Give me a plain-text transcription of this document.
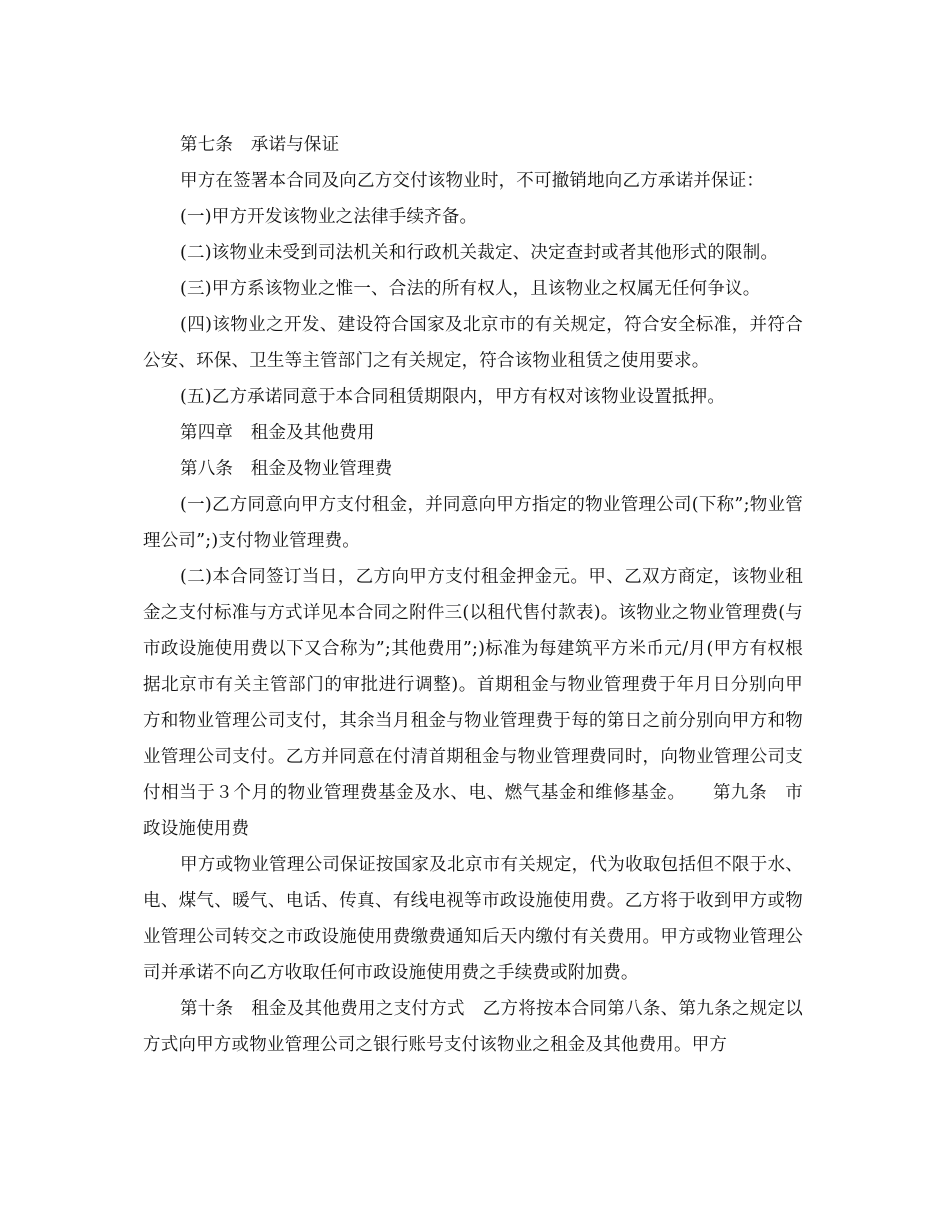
第七条　承诺与保证

甲方在签署本合同及向乙方交付该物业时，不可撤销地向乙方承诺并保证：

(一)甲方开发该物业之法律手续齐备。

(二)该物业未受到司法机关和行政机关裁定、决定查封或者其他形式的限制。

(三)甲方系该物业之惟一、合法的所有权人，且该物业之权属无任何争议。

(四)该物业之开发、建设符合国家及北京市的有关规定，符合安全标准，并符合公安、环保、卫生等主管部门之有关规定，符合该物业租赁之使用要求。

(五)乙方承诺同意于本合同租赁期限内，甲方有权对该物业设置抵押。

第四章　租金及其他费用

第八条　租金及物业管理费

(一)乙方同意向甲方支付租金，并同意向甲方指定的物业管理公司(下称”;物业管理公司”;)支付物业管理费。

(二)本合同签订当日，乙方向甲方支付租金押金元。甲、乙双方商定，该物业租金之支付标准与方式详见本合同之附件三(以租代售付款表)。该物业之物业管理费(与市政设施使用费以下又合称为”;其他费用”;)标准为每建筑平方米币元/月(甲方有权根据北京市有关主管部门的审批进行调整)。首期租金与物业管理费于年月日分别向甲方和物业管理公司支付，其余当月租金与物业管理费于每的第日之前分别向甲方和物业管理公司支付。乙方并同意在付清首期租金与物业管理费同时，向物业管理公司支付相当于３个月的物业管理费基金及水、电、燃气基金和维修基金。　　第九条　市政设施使用费

甲方或物业管理公司保证按国家及北京市有关规定，代为收取包括但不限于水、电、煤气、暖气、电话、传真、有线电视等市政设施使用费。乙方将于收到甲方或物业管理公司转交之市政设施使用费缴费通知后天内缴付有关费用。甲方或物业管理公司并承诺不向乙方收取任何市政设施使用费之手续费或附加费。

第十条　租金及其他费用之支付方式　乙方将按本合同第八条、第九条之规定以方式向甲方或物业管理公司之银行账号支付该物业之租金及其他费用。甲方
